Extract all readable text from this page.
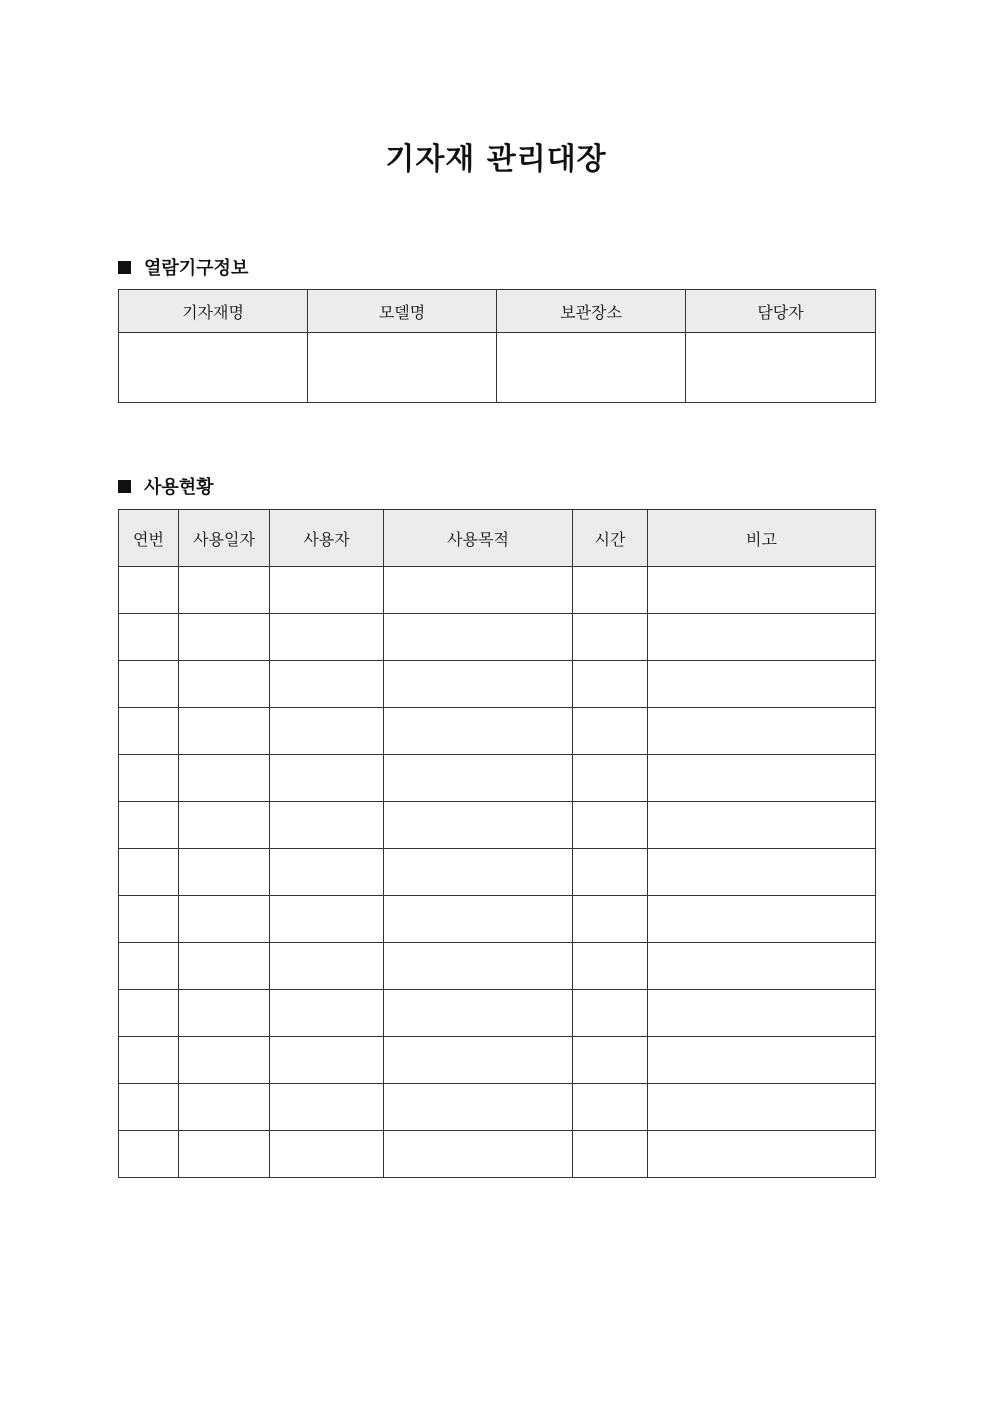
기자재 관리대장
열람기구정보
기자재명	모델명	보관장소	담당자

사용현황
연번	사용일자	사용자	사용목적	시간	비고
